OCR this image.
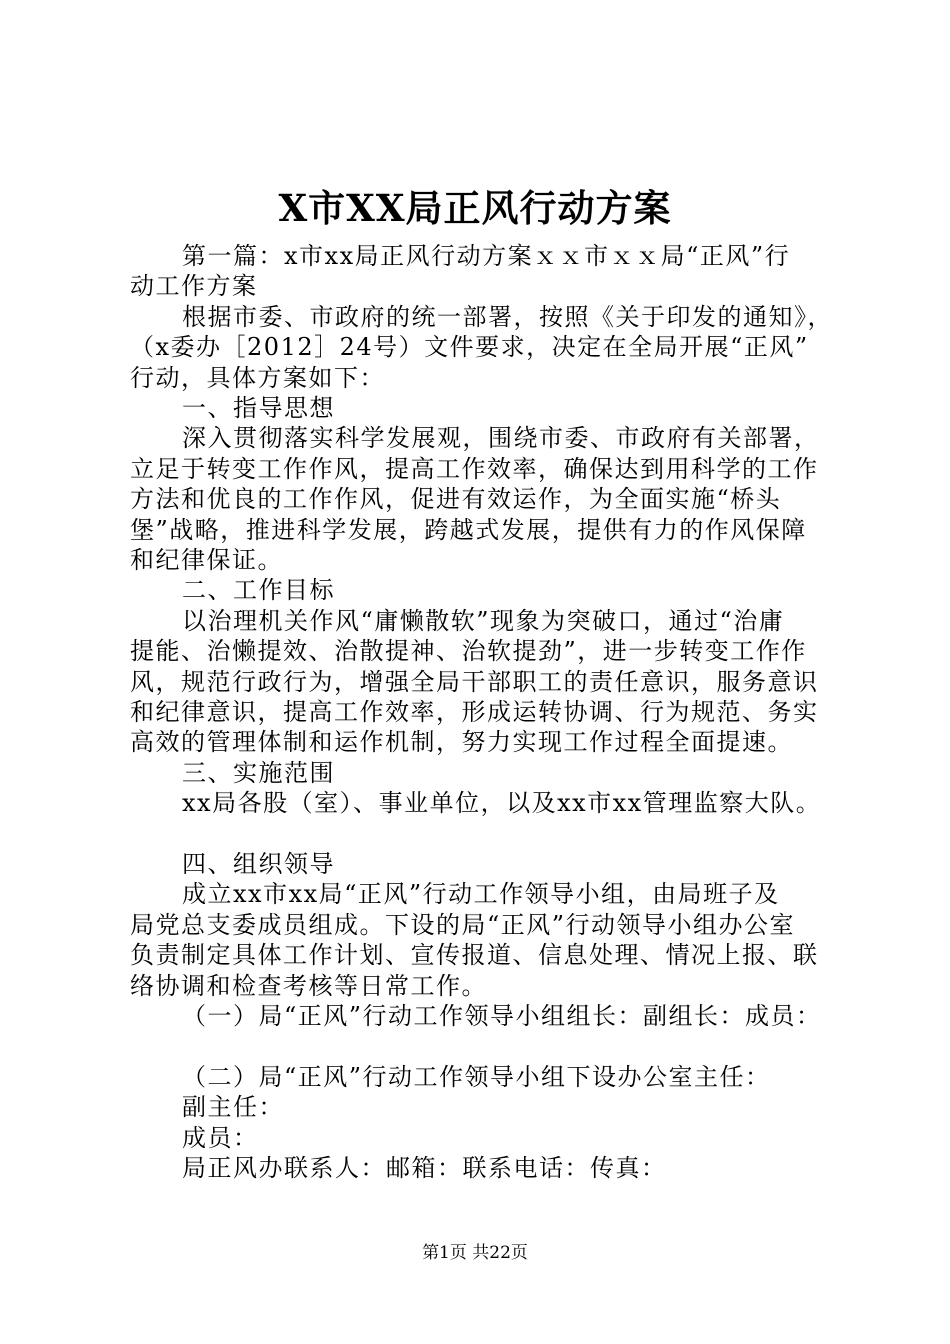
X市XX局正风行动方案
第一篇：x市xx局正风行动方案ｘｘ市ｘｘ局“正风”行
动工作方案
根据市委、市政府的统一部署，按照《关于印发的通知》，
（x委办［2012］24号）文件要求，决定在全局开展“正风”
行动，具体方案如下：
一、指导思想
深入贯彻落实科学发展观，围绕市委、市政府有关部署，
立足于转变工作作风，提高工作效率，确保达到用科学的工作
方法和优良的工作作风，促进有效运作，为全面实施“桥头
堡”战略，推进科学发展，跨越式发展，提供有力的作风保障
和纪律保证。
二、工作目标
以治理机关作风“庸懒散软”现象为突破口，通过“治庸
提能、治懒提效、治散提神、治软提劲”，进一步转变工作作
风，规范行政行为，增强全局干部职工的责任意识，服务意识
和纪律意识，提高工作效率，形成运转协调、行为规范、务实
高效的管理体制和运作机制，努力实现工作过程全面提速。
三、实施范围
xx局各股（室）、事业单位，以及xx市xx管理监察大队。
四、组织领导
成立xx市xx局“正风”行动工作领导小组，由局班子及
局党总支委成员组成。下设的局“正风”行动领导小组办公室
负责制定具体工作计划、宣传报道、信息处理、情况上报、联
络协调和检查考核等日常工作。
（一）局“正风”行动工作领导小组组长：副组长：成员：
（二）局“正风”行动工作领导小组下设办公室主任：
副主任：
成员：
局正风办联系人：邮箱：联系电话：传真：
第1页 共22页
